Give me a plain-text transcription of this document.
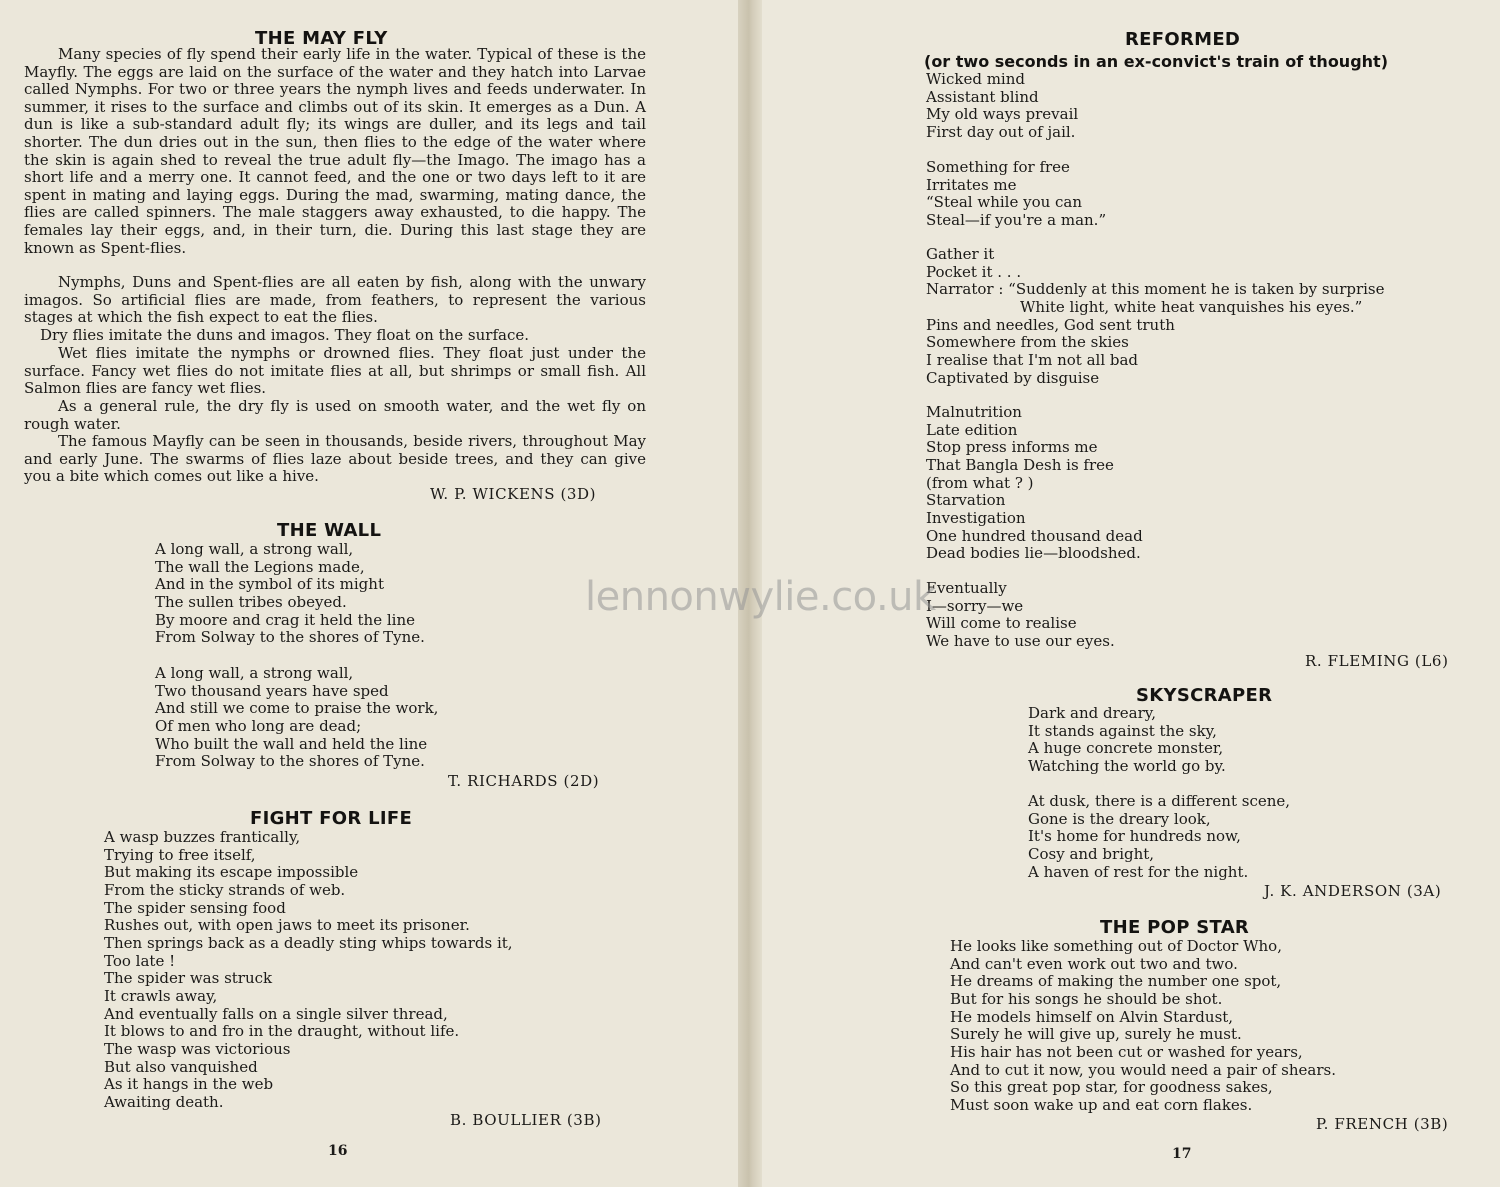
THE MAY FLY

Many species of fly spend their early life in the water. Typical of these is the Mayfly. The eggs are laid on the surface of the water and they hatch into Larvae called Nymphs. For two or three years the nymph lives and feeds underwater. In summer, it rises to the surface and climbs out of its skin. It emerges as a Dun. A dun is like a sub-standard adult fly; its wings are duller, and its legs and tail shorter. The dun dries out in the sun, then flies to the edge of the water where the skin is again shed to reveal the true adult fly—the Imago. The imago has a short life and a merry one. It cannot feed, and the one or two days left to it are spent in mating and laying eggs. During the mad, swarming, mating dance, the flies are called spinners. The male staggers away exhausted, to die happy. The females lay their eggs, and, in their turn, die. During this last stage they are known as Spent-flies.

Nymphs, Duns and Spent-flies are all eaten by fish, along with the unwary imagos. So artificial flies are made, from feathers, to represent the various stages at which the fish expect to eat the flies.

Dry flies imitate the duns and imagos. They float on the surface.

Wet flies imitate the nymphs or drowned flies. They float just under the surface. Fancy wet flies do not imitate flies at all, but shrimps or small fish. All Salmon flies are fancy wet flies.

As a general rule, the dry fly is used on smooth water, and the wet fly on rough water.

The famous Mayfly can be seen in thousands, beside rivers, throughout May and early June. The swarms of flies laze about beside trees, and they can give you a bite which comes out like a hive.

W. P. WICKENS (3D)
THE WALL
A long wall, a strong wall,
The wall the Legions made,
And in the symbol of its might
The sullen tribes obeyed.
By moore and crag it held the line
From Solway to the shores of Tyne.
A long wall, a strong wall,
Two thousand years have sped
And still we come to praise the work,
Of men who long are dead;
Who built the wall and held the line
From Solway to the shores of Tyne.
T. RICHARDS (2D)
FIGHT FOR LIFE
A wasp buzzes frantically,
Trying to free itself,
But making its escape impossible
From the sticky strands of web.
The spider sensing food
Rushes out, with open jaws to meet its prisoner.
Then springs back as a deadly sting whips towards it,
Too late !
The spider was struck
It crawls away,
And eventually falls on a single silver thread,
It blows to and fro in the draught, without life.
The wasp was victorious
But also vanquished
As it hangs in the web
Awaiting death.
B. BOULLIER (3B)
16
REFORMED
(or two seconds in an ex-convict's train of thought)
Wicked mind
Assistant blind
My old ways prevail
First day out of jail.
Something for free
Irritates me
“Steal while you can
Steal—if you're a man.”
Gather it
Pocket it . . .
Narrator : “Suddenly at this moment he is taken by surprise
White light, white heat vanquishes his eyes.”
Pins and needles, God sent truth
Somewhere from the skies
I realise that I'm not all bad
Captivated by disguise
Malnutrition
Late edition
Stop press informs me
That Bangla Desh is free
(from what ? )
Starvation
Investigation
One hundred thousand dead
Dead bodies lie—bloodshed.
Eventually
I—sorry—we
Will come to realise
We have to use our eyes.
R. FLEMING (L6)
SKYSCRAPER
Dark and dreary,
It stands against the sky,
A huge concrete monster,
Watching the world go by.
At dusk, there is a different scene,
Gone is the dreary look,
It's home for hundreds now,
Cosy and bright,
A haven of rest for the night.
J. K. ANDERSON (3A)
THE POP STAR
He looks like something out of Doctor Who,
And can't even work out two and two.
He dreams of making the number one spot,
But for his songs he should be shot.
He models himself on Alvin Stardust,
Surely he will give up, surely he must.
His hair has not been cut or washed for years,
And to cut it now, you would need a pair of shears.
So this great pop star, for goodness sakes,
Must soon wake up and eat corn flakes.
P. FRENCH (3B)
17
lennonwylie.co.uk
